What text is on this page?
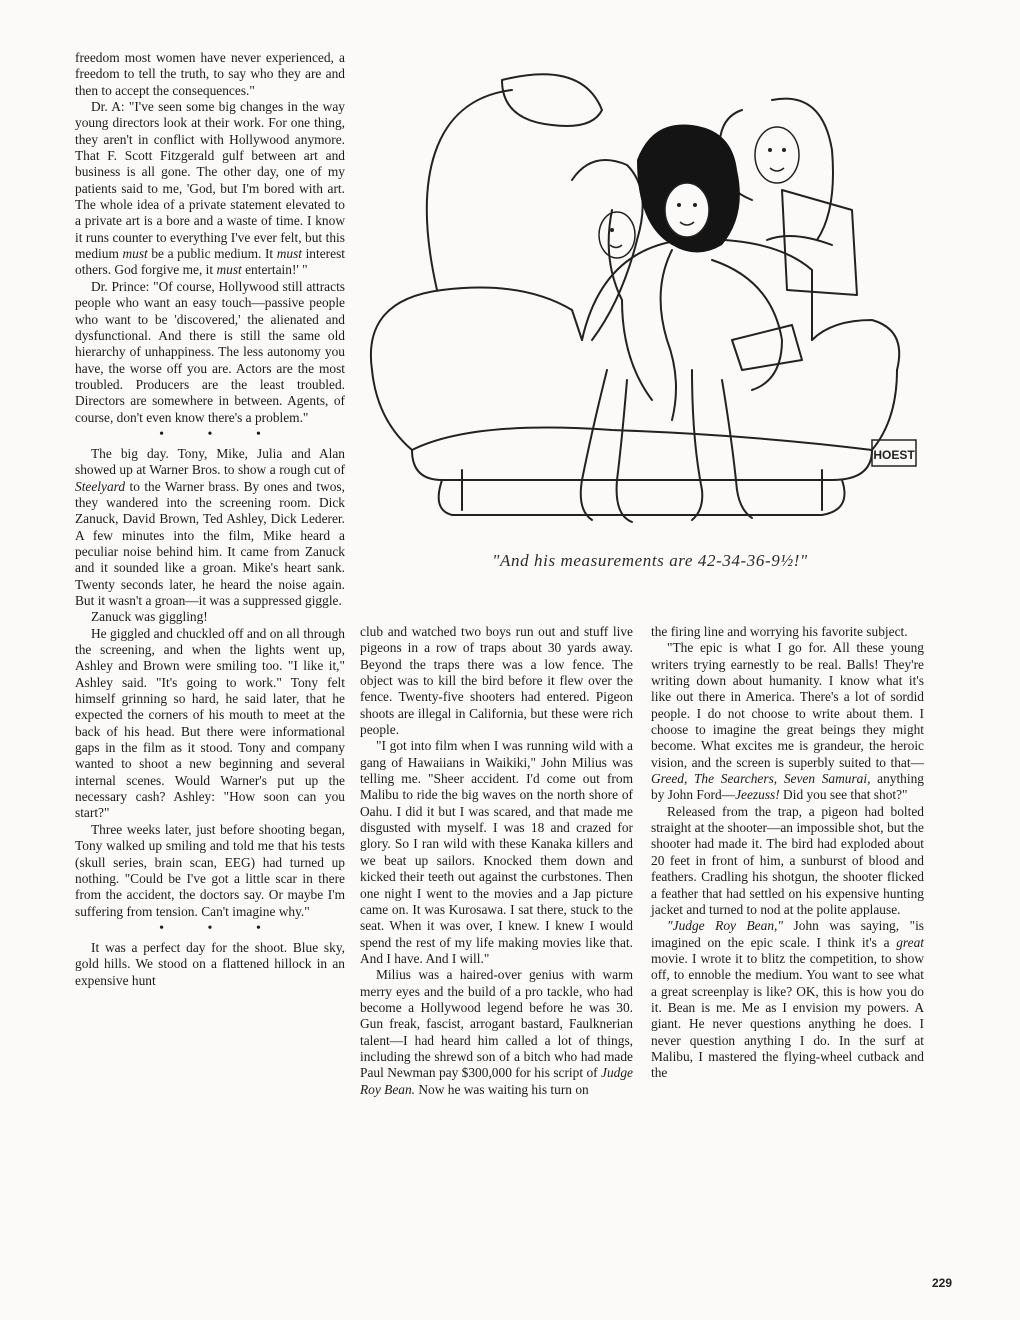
freedom most women have never experienced, a freedom to tell the truth, to say who they are and then to accept the consequences."

Dr. A: "I've seen some big changes in the way young directors look at their work. For one thing, they aren't in conflict with Hollywood anymore. That F. Scott Fitzgerald gulf between art and business is all gone. The other day, one of my patients said to me, 'God, but I'm bored with art. The whole idea of a private statement elevated to a private art is a bore and a waste of time. I know it runs counter to everything I've ever felt, but this medium must be a public medium. It must interest others. God forgive me, it must entertain!' "

Dr. Prince: "Of course, Hollywood still attracts people who want an easy touch—passive people who want to be 'discovered,' the alienated and dysfunctional. And there is still the same old hierarchy of unhappiness. The less autonomy you have, the worse off you are. Actors are the most troubled. Producers are the least troubled. Directors are somewhere in between. Agents, of course, don't even know there's a problem."

• • •

The big day. Tony, Mike, Julia and Alan showed up at Warner Bros. to show a rough cut of Steelyard to the Warner brass. By ones and twos, they wandered into the screening room. Dick Zanuck, David Brown, Ted Ashley, Dick Lederer. A few minutes into the film, Mike heard a peculiar noise behind him. It came from Zanuck and it sounded like a groan. Mike's heart sank. Twenty seconds later, he heard the noise again. But it wasn't a groan—it was a suppressed giggle.

Zanuck was giggling!

He giggled and chuckled off and on all through the screening, and when the lights went up, Ashley and Brown were smiling too. "I like it," Ashley said. "It's going to work." Tony felt himself grinning so hard, he said later, that he expected the corners of his mouth to meet at the back of his head. But there were informational gaps in the film as it stood. Tony and company wanted to shoot a new beginning and several internal scenes. Would Warner's put up the necessary cash? Ashley: "How soon can you start?"

Three weeks later, just before shooting began, Tony walked up smiling and told me that his tests (skull series, brain scan, EEG) had turned up nothing. "Could be I've got a little scar in there from the accident, the doctors say. Or maybe I'm suffering from tension. Can't imagine why."

• • •

It was a perfect day for the shoot. Blue sky, gold hills. We stood on a flattened hillock in an expensive hunt

HOEST
"And his measurements are 42-34-36-9½!"

club and watched two boys run out and stuff live pigeons in a row of traps about 30 yards away. Beyond the traps there was a low fence. The object was to kill the bird before it flew over the fence. Twenty-five shooters had entered. Pigeon shoots are illegal in California, but these were rich people.

"I got into film when I was running wild with a gang of Hawaiians in Waikiki," John Milius was telling me. "Sheer accident. I'd come out from Malibu to ride the big waves on the north shore of Oahu. I did it but I was scared, and that made me disgusted with myself. I was 18 and crazed for glory. So I ran wild with these Kanaka killers and we beat up sailors. Knocked them down and kicked their teeth out against the curbstones. Then one night I went to the movies and a Jap picture came on. It was Kurosawa. I sat there, stuck to the seat. When it was over, I knew. I knew I would spend the rest of my life making movies like that. And I have. And I will."

Milius was a haired-over genius with warm merry eyes and the build of a pro tackle, who had become a Hollywood legend before he was 30. Gun freak, fascist, arrogant bastard, Faulknerian talent—I had heard him called a lot of things, including the shrewd son of a bitch who had made Paul Newman pay $300,000 for his script of Judge Roy Bean. Now he was waiting his turn on

the firing line and worrying his favorite subject.

"The epic is what I go for. All these young writers trying earnestly to be real. Balls! They're writing down about humanity. I know what it's like out there in America. There's a lot of sordid people. I do not choose to write about them. I choose to imagine the great beings they might become. What excites me is grandeur, the heroic vision, and the screen is superbly suited to that—Greed, The Searchers, Seven Samurai, anything by John Ford—Jeezuss! Did you see that shot?"

Released from the trap, a pigeon had bolted straight at the shooter—an impossible shot, but the shooter had made it. The bird had exploded about 20 feet in front of him, a sunburst of blood and feathers. Cradling his shotgun, the shooter flicked a feather that had settled on his expensive hunting jacket and turned to nod at the polite applause.

"Judge Roy Bean," John was saying, "is imagined on the epic scale. I think it's a great movie. I wrote it to blitz the competition, to show off, to ennoble the medium. You want to see what a great screenplay is like? OK, this is how you do it. Bean is me. Me as I envision my powers. A giant. He never questions anything he does. I never question anything I do. In the surf at Malibu, I mastered the flying-wheel cutback and the

229
